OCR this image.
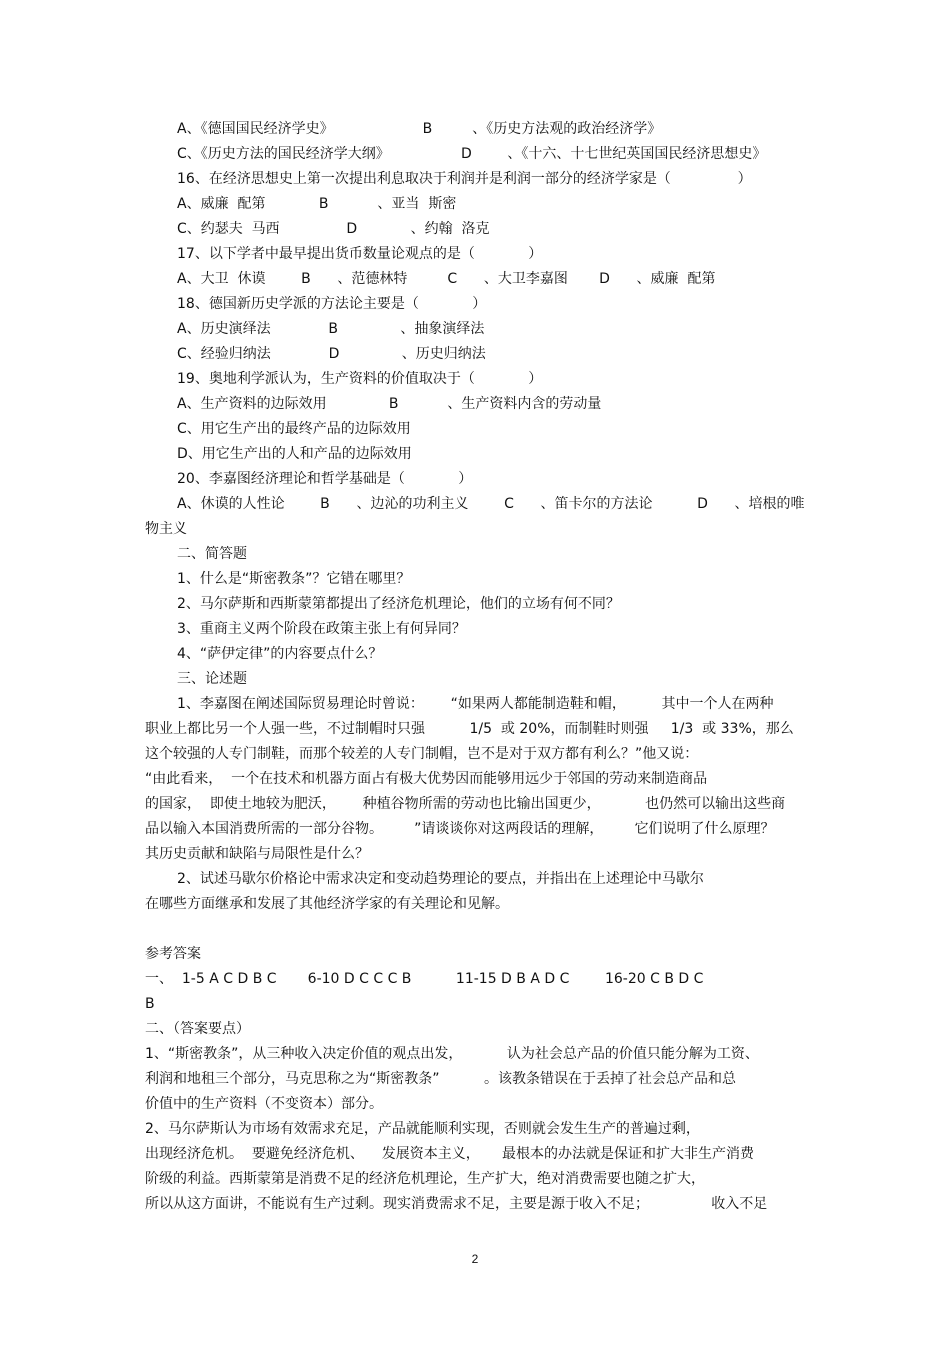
A、《德国国民经济学史》                    B         、《历史方法观的政治经济学》
C、《历史方法的国民经济学大纲》                D        、《十六、十七世纪英国国民经济思想史》
16、在经济思想史上第一次提出利息取决于利润并是利润一部分的经济学家是（               ）
A、威廉  配第            B           、亚当  斯密
C、约瑟夫  马西               D            、约翰  洛克
17、以下学者中最早提出货币数量论观点的是（            ）
A、大卫  休谟        B      、范德林特         C      、大卫李嘉图       D      、威廉  配第
18、德国新历史学派的方法论主要是（            ）
A、历史演绎法             B              、抽象演绎法
C、经验归纳法             D              、历史归纳法
19、奥地利学派认为，生产资料的价值取决于（            ）
A、生产资料的边际效用              B           、生产资料内含的劳动量
C、用它生产出的最终产品的边际效用
D、用它生产出的人和产品的边际效用
20、李嘉图经济理论和哲学基础是（            ）
A、休谟的人性论        B      、边沁的功利主义        C      、笛卡尔的方法论          D      、培根的唯
物主义
二、简答题
1、什么是“斯密教条”？它错在哪里？
2、马尔萨斯和西斯蒙第都提出了经济危机理论，他们的立场有何不同？
3、重商主义两个阶段在政策主张上有何异同？
4、“萨伊定律”的内容要点什么？
三、论述题
1、李嘉图在阐述国际贸易理论时曾说：      “如果两人都能制造鞋和帽，        其中一个人在两种
职业上都比另一个人强一些，不过制帽时只强          1/5  或 20%，而制鞋时则强     1/3  或 33%，那么
这个较强的人专门制鞋，而那个较差的人专门制帽，岂不是对于双方都有利么？”他又说：
“由此看来，  一个在技术和机器方面占有极大优势因而能够用远少于邻国的劳动来制造商品
的国家，  即使土地较为肥沃，      种植谷物所需的劳动也比输出国更少，          也仍然可以输出这些商
品以输入本国消费所需的一部分谷物。       ”请谈谈你对这两段话的理解，       它们说明了什么原理？
其历史贡献和缺陷与局限性是什么？
2、试述马歇尔价格论中需求决定和变动趋势理论的要点，并指出在上述理论中马歇尔
在哪些方面继承和发展了其他经济学家的有关理论和见解。
参考答案
一、  1-5 A C D B C       6-10 D C C C B          11-15 D B A D C        16-20 C B D C
B
二、（答案要点）
1、“斯密教条”，从三种收入决定价值的观点出发，          认为社会总产品的价值只能分解为工资、
利润和地租三个部分，马克思称之为“斯密教条”          。该教条错误在于丢掉了社会总产品和总
价值中的生产资料（不变资本）部分。
2、马尔萨斯认为市场有效需求充足，产品就能顺利实现，否则就会发生生产的普遍过剩，
出现经济危机。  要避免经济危机、    发展资本主义，     最根本的办法就是保证和扩大非生产消费
阶级的利益。西斯蒙第是消费不足的经济危机理论，生产扩大，绝对消费需要也随之扩大，
所以从这方面讲，不能说有生产过剩。现实消费需求不足，主要是源于收入不足；              收入不足
2
